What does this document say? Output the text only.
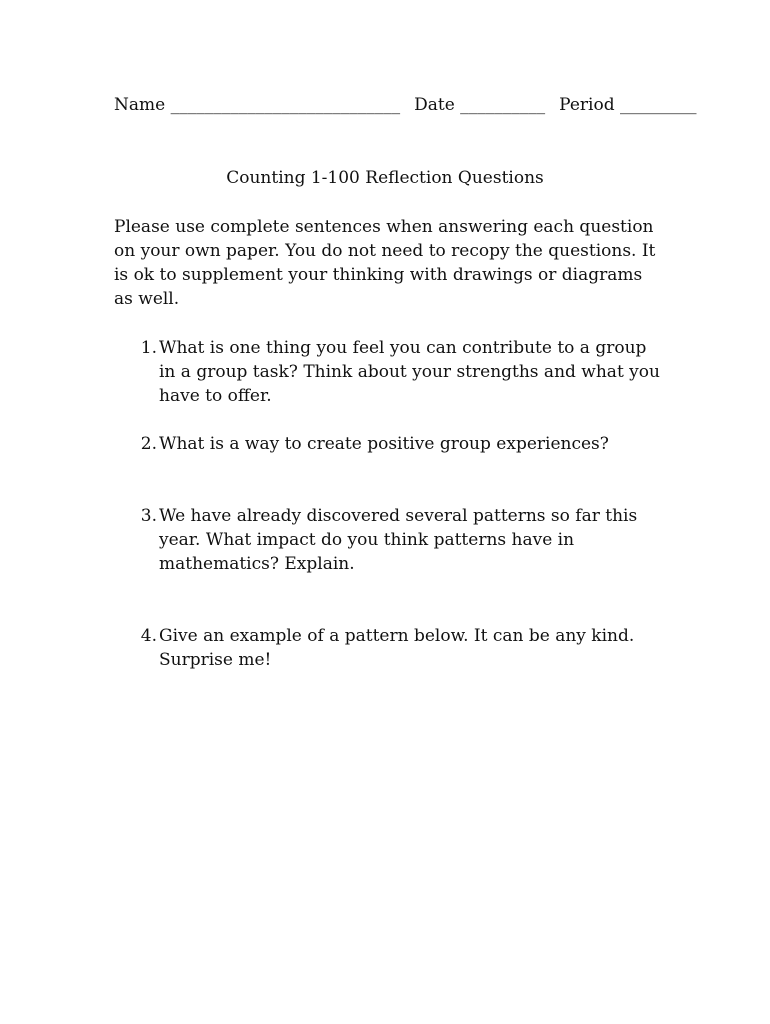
Name ___________________________ Date __________ Period _________
Counting 1-100 Reflection Questions

Please use complete sentences when answering each question on your own paper. You do not need to recopy the questions. It is ok to supplement your thinking with drawings or diagrams as well.

1. What is one thing you feel you can contribute to a group in a group task? Think about your strengths and what you have to offer.
2. What is a way to create positive group experiences?
3. We have already discovered several patterns so far this year. What impact do you think patterns have in mathematics? Explain.
4. Give an example of a pattern below. It can be any kind. Surprise me!
